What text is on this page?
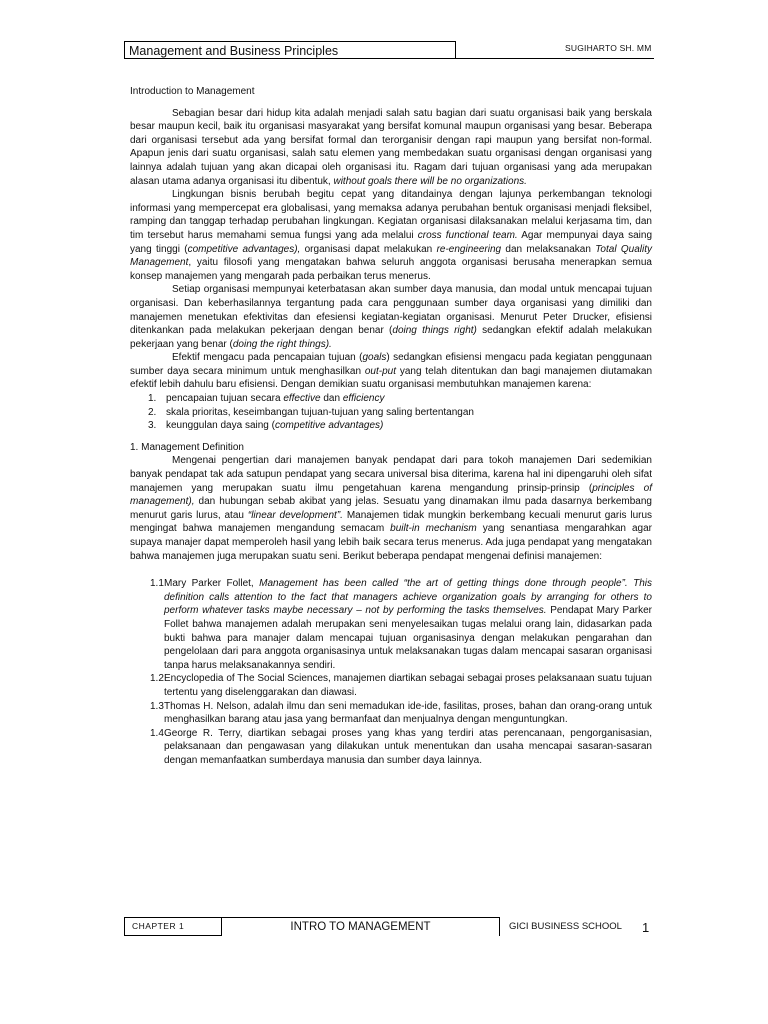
Management and Business Principles	SUGIHARTO SH. MM

Introduction to Management

Sebagian besar dari hidup kita adalah menjadi salah satu bagian dari suatu organisasi baik yang berskala besar maupun kecil, baik itu organisasi masyarakat yang bersifat komunal maupun organisasi yang besar. Beberapa dari organisasi tersebut ada yang bersifat formal dan terorganisir dengan rapi maupun yang bersifat non-formal. Apapun jenis dari suatu organisasi, salah satu elemen yang membedakan suatu organisasi dengan organisasi yang lainnya adalah tujuan yang akan dicapai oleh organisasi itu. Ragam dari tujuan organisasi yang ada merupakan alasan utama adanya organisasi itu dibentuk, without goals there will be no organizations.

Lingkungan bisnis berubah begitu cepat yang ditandainya dengan lajunya perkembangan teknologi informasi yang mempercepat era globalisasi, yang memaksa adanya perubahan bentuk organisasi menjadi fleksibel, ramping dan tanggap terhadap perubahan lingkungan. Kegiatan organisasi dilaksanakan melalui kerjasama tim, dan tim tersebut harus memahami semua fungsi yang ada melalui cross functional team. Agar mempunyai daya saing yang tinggi (competitive advantages), organisasi dapat melakukan re-engineering dan melaksanakan Total Quality Management, yaitu filosofi yang mengatakan bahwa seluruh anggota organisasi berusaha menerapkan semua konsep manajemen yang mengarah pada perbaikan terus menerus.

Setiap organisasi mempunyai keterbatasan akan sumber daya manusia, dan modal untuk mencapai tujuan organisasi. Dan keberhasilannya tergantung pada cara penggunaan sumber daya organisasi yang dimiliki dan manajemen menetukan efektivitas dan efesiensi kegiatan-kegiatan organisasi. Menurut Peter Drucker, efisiensi ditenkankan pada melakukan pekerjaan dengan benar (doing things right) sedangkan efektif adalah melakukan pekerjaan yang benar (doing the right things).

Efektif mengacu pada pencapaian tujuan (goals) sedangkan efisiensi mengacu pada kegiatan penggunaan sumber daya secara minimum untuk menghasilkan out-put yang telah ditentukan dan bagi manajemen diutamakan efektif lebih dahulu baru efisiensi. Dengan demikian suatu organisasi membutuhkan manajemen karena:

1. pencapaian tujuan secara effective dan efficiency
2. skala prioritas, keseimbangan tujuan-tujuan yang saling bertentangan
3. keunggulan daya saing (competitive advantages)

1. Management Definition

Mengenai pengertian dari manajemen banyak pendapat dari para tokoh manajemen Dari sedemikian banyak pendapat tak ada satupun pendapat yang secara universal bisa diterima, karena hal ini dipengaruhi oleh sifat manajemen yang merupakan suatu ilmu pengetahuan karena mengandung prinsip-prinsip (principles of management), dan hubungan sebab akibat yang jelas. Sesuatu yang dinamakan ilmu pada dasarnya berkembang menurut garis lurus, atau “linear development”. Manajemen tidak mungkin berkembang kecuali menurut garis lurus mengingat bahwa manajemen mengandung semacam built-in mechanism yang senantiasa mengarahkan agar supaya manajer dapat memperoleh hasil yang lebih baik secara terus menerus. Ada juga pendapat yang mengatakan bahwa manajemen juga merupakan suatu seni. Berikut beberapa pendapat mengenai definisi manajemen:

1.1 Mary Parker Follet, Management has been called “the art of getting things done through people”. This definition calls attention to the fact that managers achieve organization goals by arranging for others to perform whatever tasks maybe necessary – not by performing the tasks themselves. Pendapat Mary Parker Follet bahwa manajemen adalah merupakan seni menyelesaikan tugas melalui orang lain, didasarkan pada bukti bahwa para manajer dalam mencapai tujuan organisasinya dengan melakukan pengarahan dan pengelolaan dari para anggota organisasinya untuk melaksanakan tugas dalam mencapai sasaran organisasi tanpa harus melaksanakannya sendiri.
1.2 Encyclopedia of The Social Sciences, manajemen diartikan sebagai sebagai proses pelaksanaan suatu tujuan tertentu yang diselenggarakan dan diawasi.
1.3 Thomas H. Nelson, adalah ilmu dan seni memadukan ide-ide, fasilitas, proses, bahan dan orang-orang untuk menghasilkan barang atau jasa yang bermanfaat dan menjualnya dengan menguntungkan.
1.4 George R. Terry, diartikan sebagai proses yang khas yang terdiri atas perencanaan, pengorganisasian, pelaksanaan dan pengawasan yang dilakukan untuk menentukan dan usaha mencapai sasaran-sasaran dengan memanfaatkan sumberdaya manusia dan sumber daya lainnya.
CHAPTER 1	INTRO TO MANAGEMENT	GICI BUSINESS SCHOOL 1
